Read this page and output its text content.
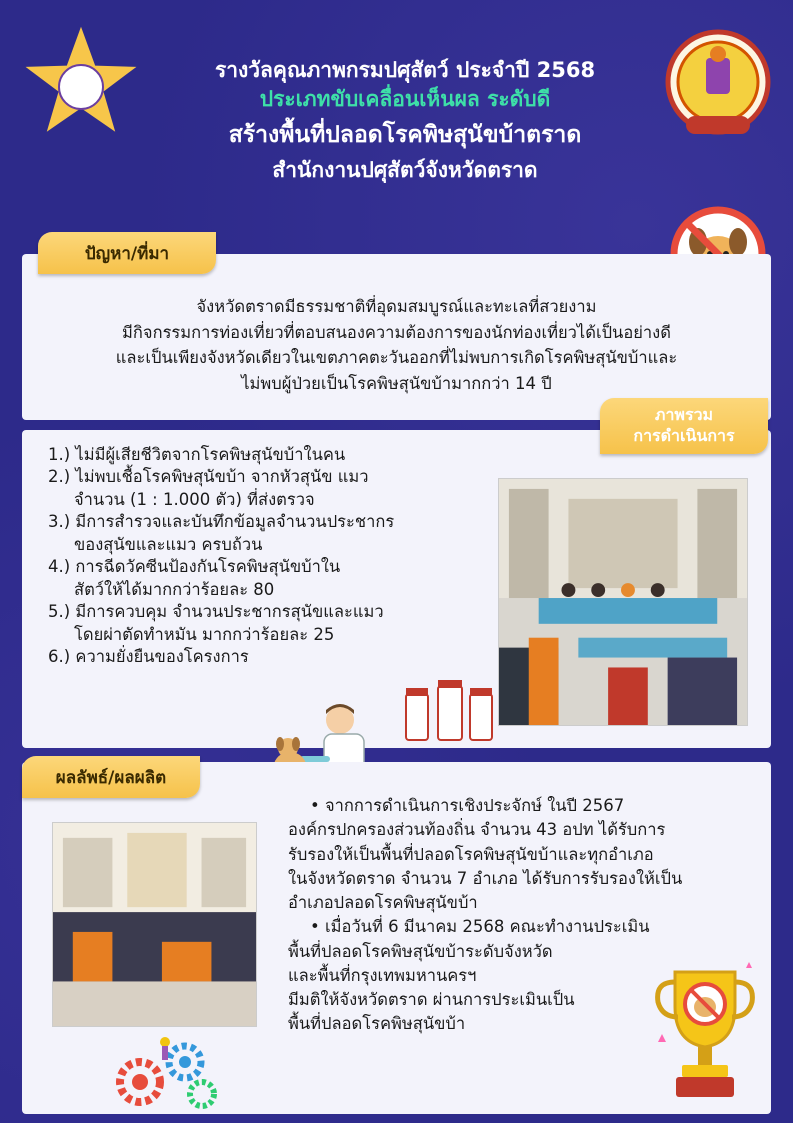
รางวัลคุณภาพกรมปศุสัตว์ ประจำปี 2568
ประเภทขับเคลื่อนเห็นผล ระดับดี
สร้างพื้นที่ปลอดโรคพิษสุนัขบ้าตราด
สำนักงานปศุสัตว์จังหวัดตราด
ปัญหา/ที่มา
จังหวัดตราดมีธรรมชาติที่อุดมสมบูรณ์และทะเลที่สวยงาม
มีกิจกรรมการท่องเที่ยวที่ตอบสนองความต้องการของนักท่องเที่ยวได้เป็นอย่างดี
และเป็นเพียงจังหวัดเดียวในเขตภาคตะวันออกที่ไม่พบการเกิดโรคพิษสุนัขบ้าและ
ไม่พบผู้ป่วยเป็นโรคพิษสุนัขบ้ามากกว่า 14 ปี
ภาพรวม
การดำเนินการ
1.) ไม่มีผู้เสียชีวิตจากโรคพิษสุนัขบ้าในคน
2.) ไม่พบเชื้อโรคพิษสุนัขบ้า จากหัวสุนัข แมว
จำนวน (1 : 1.000 ตัว) ที่ส่งตรวจ
3.) มีการสำรวจและบันทึกข้อมูลจำนวนประชากร
ของสุนัขและแมว ครบถ้วน
4.) การฉีดวัคซีนป้องกันโรคพิษสุนัขบ้าใน
สัตว์ให้ได้มากกว่าร้อยละ 80
5.) มีการควบคุม จำนวนประชากรสุนัขและแมว
โดยผ่าตัดทำหมัน มากกว่าร้อยละ 25
6.) ความยั่งยืนของโครงการ
ผลลัพธ์/ผลผลิต
• จากการดำเนินการเชิงประจักษ์ ในปี 2567
องค์กรปกครองส่วนท้องถิ่น จำนวน 43 อปท ได้รับการ
รับรองให้เป็นพื้นที่ปลอดโรคพิษสุนัขบ้าและทุกอำเภอ
ในจังหวัดตราด จำนวน 7 อำเภอ ได้รับการรับรองให้เป็น
อำเภอปลอดโรคพิษสุนัขบ้า
• เมื่อวันที่ 6 มีนาคม 2568 คณะทำงานประเมิน
พื้นที่ปลอดโรคพิษสุนัขบ้าระดับจังหวัด
และพื้นที่กรุงเทพมหานครฯ
มีมติให้จังหวัดตราด ผ่านการประเมินเป็น
พื้นที่ปลอดโรคพิษสุนัขบ้า
